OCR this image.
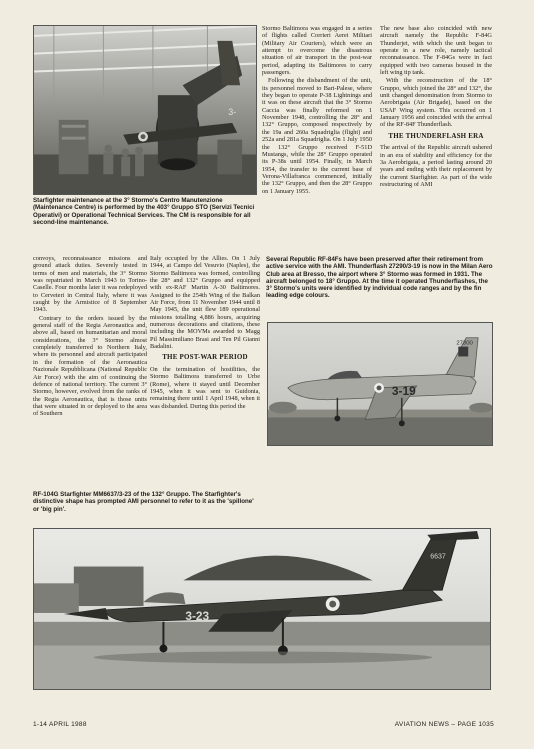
3-
Starfighter maintenance at the 3° Stormo's Centro Manutenzione (Maintenance Centre) is performed by the 403° Gruppo STO (Servizi Tecnici Operativi) or Operational Technical Services. The CM is responsible for all second-line maintenance.

convoys, reconnaissance missions and ground attack duties. Severely tested in terms of men and materials, the 3° Stormo was repatriated in March 1943 to Torino-Caselle. Four months later it was redeployed to Cerveteri in Central Italy, where it was caught by the Armistice of 8 September 1943.

Contrary to the orders issued by the general staff of the Regia Aeronautica and, above all, based on humanitarian and moral considerations, the 3° Stormo almost completely transferred to Northern Italy, where its personnel and aircraft participated in the formation of the Aeronautica Nazionale Repubblicana (National Republic Air Force) with the aim of continuing the defence of national territory. The current 3° Stormo, however, evolved from the ranks of the Regia Aeronautica, that is those units that were situated in or deployed to the area of Southern

Stormo Baltimora was engaged in a series of flights called Corrieri Aerei Militari (Military Air Couriers), which were an attempt to overcome the disastrous situation of air transport in the post-war period, adapting its Baltimores to carry passengers.

Following the disbandment of the unit, its personnel moved to Bari-Palese, where they began to operate P-38 Lightnings and it was on these aircraft that the 3° Stormo Caccia was finally reformed on 1 November 1948, controlling the 28° and 132° Gruppo, composed respectively by the 19a and 260a Squadriglia (flight) and 252a and 281a Squadriglia. On 1 July 1950 the 132° Gruppo received F-51D Mustangs, while the 28° Gruppo operated its P-38s until 1954. Finally, in March 1954, the transfer to the current base of Verona-Villafranca commenced, initially the 132° Gruppo, and then the 28° Gruppo on 1 January 1955.

Italy occupied by the Allies. On 1 July 1944, at Campo del Vesuvio (Naples), the Stormo Baltimora was formed, controlling the 28° and 132° Gruppo and equipped with ex-RAF Martin A-30 Baltimores. Assigned to the 254th Wing of the Balkan Air Force, from 11 November 1944 until 8 May 1945, the unit flew 189 operational missions totalling 4,886 hours, acquiring numerous decorations and citations, these including the MOVMs awarded to Magg Pil Massimiliano Brasi and Ten Pil Gianni Badalini.

THE POST-WAR PERIOD

On the termination of hostilities, the Stormo Baltimora transferred to Urbe (Rome), where it stayed until December 1945, when it was sent to Guidonia, remaining there until 1 April 1948, when it was disbanded. During this period the

The new base also coincided with new aircraft namely the Republic F-84G Thunderjet, with which the unit began to operate in a new role, namely tactical reconnaissance. The F-84Gs were in fact equipped with two cameras housed in the left wing tip tank.

With the reconstruction of the 18° Gruppo, which joined the 28° and 132°, the unit changed denomination from Stormo to Aerobrigata (Air Brigade), based on the USAF Wing system. This occurred on 1 January 1956 and coincided with the arrival of the RF-84F Thunderflash.

THE THUNDERFLASH ERA

The arrival of the Republic aircraft ushered in an era of stability and efficiency for the 3a Aerobrigata, a period lasting around 20 years and ending with their replacement by the current Starfighter. As part of the wide restructuring of AMI

Several Republic RF-84Fs have been preserved after their retirement from active service with the AMI. Thunderflash 27290/3-19 is now in the Milan Aero Club area at Bresso, the airport where 3° Stormo was formed in 1931. The aircraft belonged to 18° Gruppo. At the time it operated Thunderflashes, the 3° Stormo's units were identified by individual code ranges and by the fin leading edge colours.
3-19
27300
3-23
6637
RF-104G Starfighter MM6637/3-23 of the 132° Gruppo. The Starfighter's distinctive shape has prompted AMI personnel to refer to it as the 'spillone' or 'big pin'.
1-14 APRIL 1988	AVIATION NEWS – PAGE 1035
